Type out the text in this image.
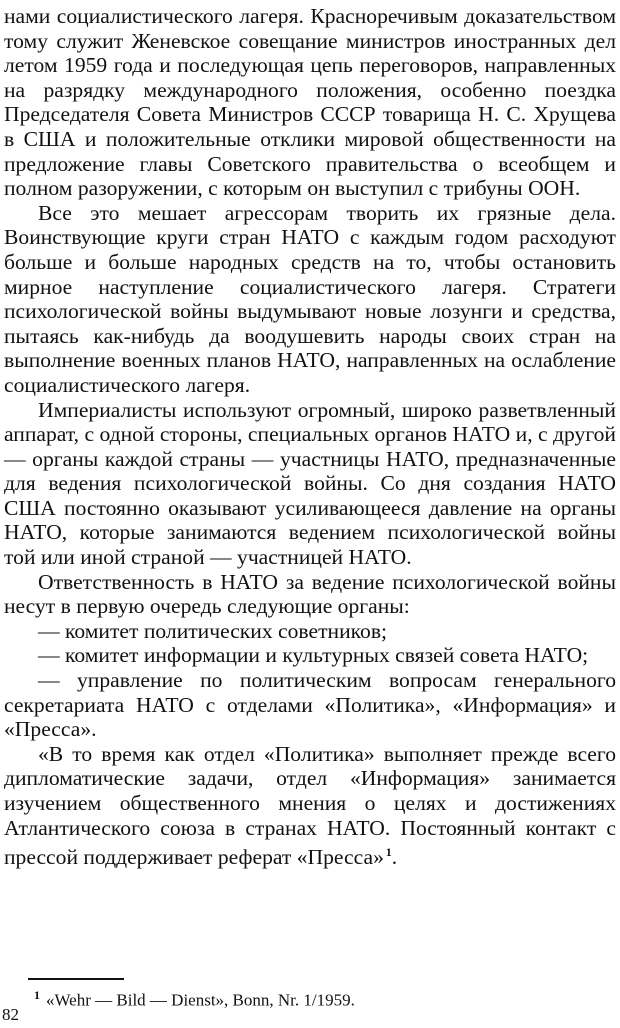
нами социалистического лагеря. Красноречивым доказательством тому служит Женевское совещание министров иностранных дел летом 1959 года и последующая цепь переговоров, направленных на разрядку международного положения, особенно поездка Председателя Совета Министров СССР товарища Н. С. Хрущева в США и положительные отклики мировой общественности на предложение главы Советского правительства о всеобщем и полном разоружении, с которым он выступил с трибуны ООН.

Все это мешает агрессорам творить их грязные дела. Воинствующие круги стран НАТО с каждым годом расходуют больше и больше народных средств на то, чтобы остановить мирное наступление социалистического лагеря. Стратеги психологической войны выдумывают новые лозунги и средства, пытаясь как-нибудь да воодушевить народы своих стран на выполнение военных планов НАТО, направленных на ослабление социалистического лагеря.

Империалисты используют огромный, широко разветвленный аппарат, с одной стороны, специальных органов НАТО и, с другой — органы каждой страны — участницы НАТО, предназначенные для ведения психологической войны. Со дня создания НАТО США постоянно оказывают усиливающееся давление на органы НАТО, которые занимаются ведением психологической войны той или иной страной — участницей НАТО.

Ответственность в НАТО за ведение психологической войны несут в первую очередь следующие органы:

— комитет политических советников;

— комитет информации и культурных связей совета НАТО;

— управление по политическим вопросам генерального секретариата НАТО с отделами «Политика», «Информация» и «Пресса».

«В то время как отдел «Политика» выполняет прежде всего дипломатические задачи, отдел «Информация» занимается изучением общественного мнения о целях и достижениях Атлантического союза в странах НАТО. Постоянный контакт с прессой поддерживает реферат «Пресса»  $^1$.

$^1$ «Wehr — Bild — Dienst», Bonn, Nr. 1/1959.
82
